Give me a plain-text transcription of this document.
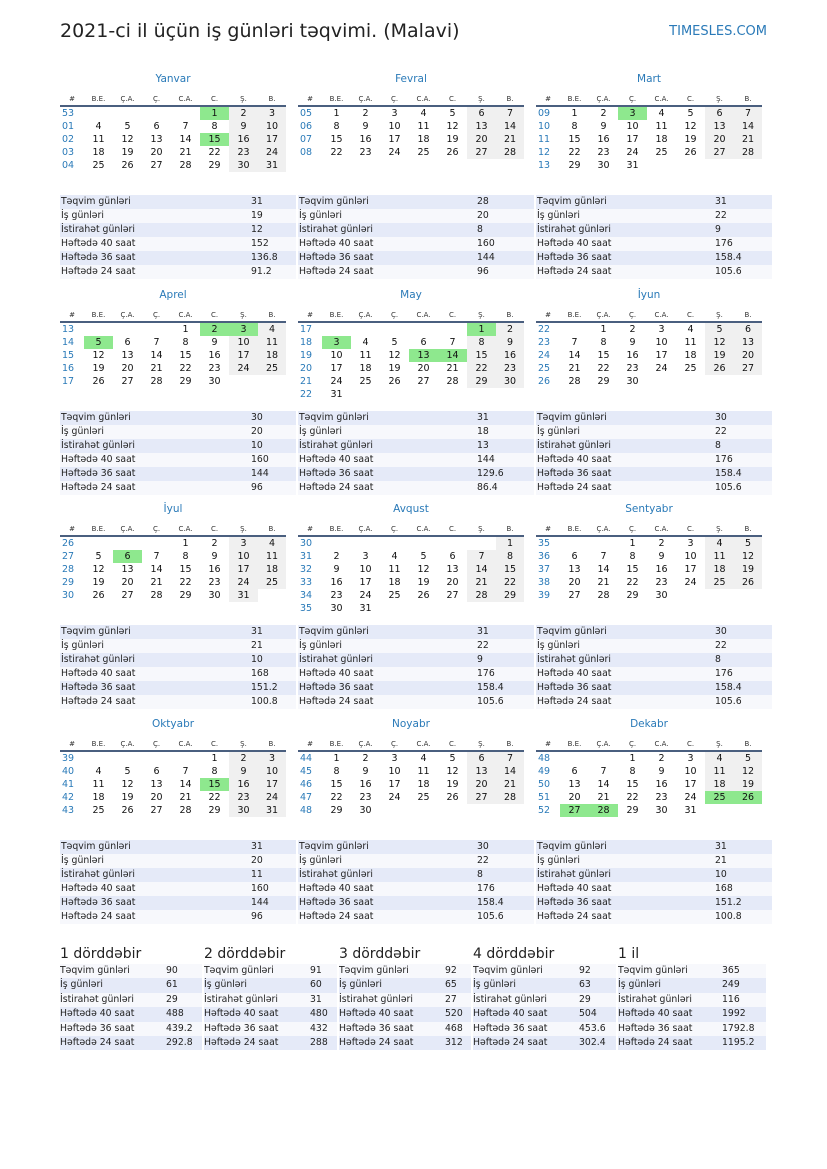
2021-ci il üçün iş günləri təqvimi. (Malavi)	TIMESLES.COM
Yanvar
#	B.E.	Ç.A.	Ç.	C.A.	C.	Ş.	B.
53					1	2	3
01	4	5	6	7	8	9	10
02	11	12	13	14	15	16	17
03	18	19	20	21	22	23	24
04	25	26	27	28	29	30	31
Təqvim günləri	31
İş günləri	19
İstirahət günləri	12
Həftədə 40 saat	152
Həftədə 36 saat	136.8
Həftədə 24 saat	91.2
Fevral
#	B.E.	Ç.A.	Ç.	C.A.	C.	Ş.	B.
05	1	2	3	4	5	6	7
06	8	9	10	11	12	13	14
07	15	16	17	18	19	20	21
08	22	23	24	25	26	27	28
Təqvim günləri	28
İş günləri	20
İstirahət günləri	8
Həftədə 40 saat	160
Həftədə 36 saat	144
Həftədə 24 saat	96
Mart
#	B.E.	Ç.A.	Ç.	C.A.	C.	Ş.	B.
09	1	2	3	4	5	6	7
10	8	9	10	11	12	13	14
11	15	16	17	18	19	20	21
12	22	23	24	25	26	27	28
13	29	30	31				
Təqvim günləri	31
İş günləri	22
İstirahət günləri	9
Həftədə 40 saat	176
Həftədə 36 saat	158.4
Həftədə 24 saat	105.6
Aprel
#	B.E.	Ç.A.	Ç.	C.A.	C.	Ş.	B.
13				1	2	3	4
14	5	6	7	8	9	10	11
15	12	13	14	15	16	17	18
16	19	20	21	22	23	24	25
17	26	27	28	29	30		
Təqvim günləri	30
İş günləri	20
İstirahət günləri	10
Həftədə 40 saat	160
Həftədə 36 saat	144
Həftədə 24 saat	96
May
#	B.E.	Ç.A.	Ç.	C.A.	C.	Ş.	B.
17						1	2
18	3	4	5	6	7	8	9
19	10	11	12	13	14	15	16
20	17	18	19	20	21	22	23
21	24	25	26	27	28	29	30
22	31						
Təqvim günləri	31
İş günləri	18
İstirahət günləri	13
Həftədə 40 saat	144
Həftədə 36 saat	129.6
Həftədə 24 saat	86.4
İyun
#	B.E.	Ç.A.	Ç.	C.A.	C.	Ş.	B.
22		1	2	3	4	5	6
23	7	8	9	10	11	12	13
24	14	15	16	17	18	19	20
25	21	22	23	24	25	26	27
26	28	29	30				
Təqvim günləri	30
İş günləri	22
İstirahət günləri	8
Həftədə 40 saat	176
Həftədə 36 saat	158.4
Həftədə 24 saat	105.6
İyul
#	B.E.	Ç.A.	Ç.	C.A.	C.	Ş.	B.
26				1	2	3	4
27	5	6	7	8	9	10	11
28	12	13	14	15	16	17	18
29	19	20	21	22	23	24	25
30	26	27	28	29	30	31	
Təqvim günləri	31
İş günləri	21
İstirahət günləri	10
Həftədə 40 saat	168
Həftədə 36 saat	151.2
Həftədə 24 saat	100.8
Avqust
#	B.E.	Ç.A.	Ç.	C.A.	C.	Ş.	B.
30							1
31	2	3	4	5	6	7	8
32	9	10	11	12	13	14	15
33	16	17	18	19	20	21	22
34	23	24	25	26	27	28	29
35	30	31					
Təqvim günləri	31
İş günləri	22
İstirahət günləri	9
Həftədə 40 saat	176
Həftədə 36 saat	158.4
Həftədə 24 saat	105.6
Sentyabr
#	B.E.	Ç.A.	Ç.	C.A.	C.	Ş.	B.
35			1	2	3	4	5
36	6	7	8	9	10	11	12
37	13	14	15	16	17	18	19
38	20	21	22	23	24	25	26
39	27	28	29	30			
Təqvim günləri	30
İş günləri	22
İstirahət günləri	8
Həftədə 40 saat	176
Həftədə 36 saat	158.4
Həftədə 24 saat	105.6
Oktyabr
#	B.E.	Ç.A.	Ç.	C.A.	C.	Ş.	B.
39					1	2	3
40	4	5	6	7	8	9	10
41	11	12	13	14	15	16	17
42	18	19	20	21	22	23	24
43	25	26	27	28	29	30	31
Təqvim günləri	31
İş günləri	20
İstirahət günləri	11
Həftədə 40 saat	160
Həftədə 36 saat	144
Həftədə 24 saat	96
Noyabr
#	B.E.	Ç.A.	Ç.	C.A.	C.	Ş.	B.
44	1	2	3	4	5	6	7
45	8	9	10	11	12	13	14
46	15	16	17	18	19	20	21
47	22	23	24	25	26	27	28
48	29	30					
Təqvim günləri	30
İş günləri	22
İstirahət günləri	8
Həftədə 40 saat	176
Həftədə 36 saat	158.4
Həftədə 24 saat	105.6
Dekabr
#	B.E.	Ç.A.	Ç.	C.A.	C.	Ş.	B.
48			1	2	3	4	5
49	6	7	8	9	10	11	12
50	13	14	15	16	17	18	19
51	20	21	22	23	24	25	26
52	27	28	29	30	31		
Təqvim günləri	31
İş günləri	21
İstirahət günləri	10
Həftədə 40 saat	168
Həftədə 36 saat	151.2
Həftədə 24 saat	100.8
1 dörddəbir
Təqvim günləri	90
İş günləri	61
İstirahət günləri	29
Həftədə 40 saat	488
Həftədə 36 saat	439.2
Həftədə 24 saat	292.8
2 dörddəbir
Təqvim günləri	91
İş günləri	60
İstirahət günləri	31
Həftədə 40 saat	480
Həftədə 36 saat	432
Həftədə 24 saat	288
3 dörddəbir
Təqvim günləri	92
İş günləri	65
İstirahət günləri	27
Həftədə 40 saat	520
Həftədə 36 saat	468
Həftədə 24 saat	312
4 dörddəbir
Təqvim günləri	92
İş günləri	63
İstirahət günləri	29
Həftədə 40 saat	504
Həftədə 36 saat	453.6
Həftədə 24 saat	302.4
1 il
Təqvim günləri	365
İş günləri	249
İstirahət günləri	116
Həftədə 40 saat	1992
Həftədə 36 saat	1792.8
Həftədə 24 saat	1195.2
